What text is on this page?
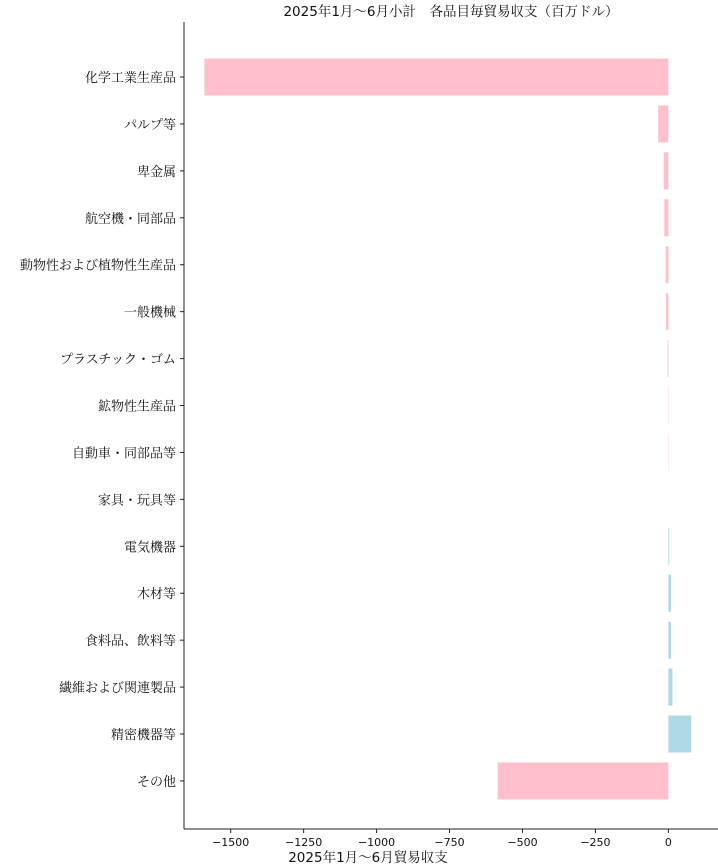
2025年1月～6月小計　各品目毎貿易収支（百万ドル）
化学工業生産品
パルプ等
卑金属
航空機・同部品
動物性および植物性生産品
一般機械
プラスチック・ゴム
鉱物性生産品
自動車・同部品等
家具・玩具等
電気機器
木材等
食料品、飲料等
繊維および関連製品
精密機器等
その他
−1500	−1250	−1000	−750	−500	−250	0
2025年1月～6月貿易収支
